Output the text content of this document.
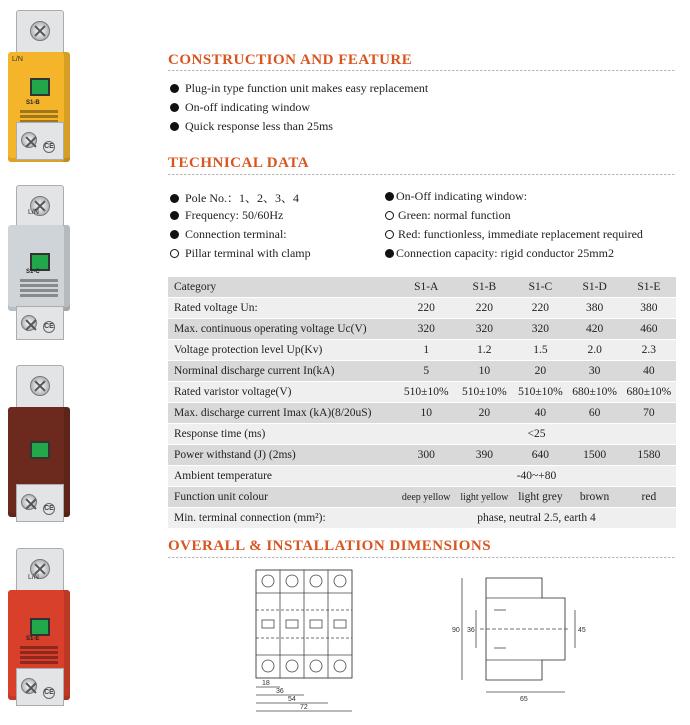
L/N
S1-B
CE
L/N
S1-C
CE
CE
L/N
S1-E
CE
CONSTRUCTION AND FEATURE
Plug-in type function unit makes easy replacement
On-off indicating window
Quick response less than 25ms
TECHNICAL DATA
Pole No.：1、2、3、4
Frequency: 50/60Hz
Connection terminal:
Pillar terminal with clamp
On-Off indicating window:
Green: normal function
Red: functionless, immediate replacement required
Connection capacity: rigid conductor 25mm2
Category	S1-A	S1-B	S1-C	S1-D	S1-E
Rated voltage Un:	220	220	220	380	380
Max. continuous operating voltage Uc(V)	320	320	320	420	460
Voltage protection level Up(Kv)	1	1.2	1.5	2.0	2.3
Norminal discharge current In(kA)	5	10	20	30	40
Rated varistor voltage(V)	510±10%	510±10%	510±10%	680±10%	680±10%
Max. discharge current Imax (kA)(8/20uS)	10	20	40	60	70
Response time (ms)	<25				
Power withstand (J) (2ms)	300	390	640	1500	1580
Ambient temperature	-40~+80				
Function unit colour	deep yellow	light yellow	light grey	brown	red
Min. terminal connection (mm²):	phase, neutral 2.5, earth 4				
OVERALL & INSTALLATION DIMENSIONS
18
36
54
72
90 36	45
65
